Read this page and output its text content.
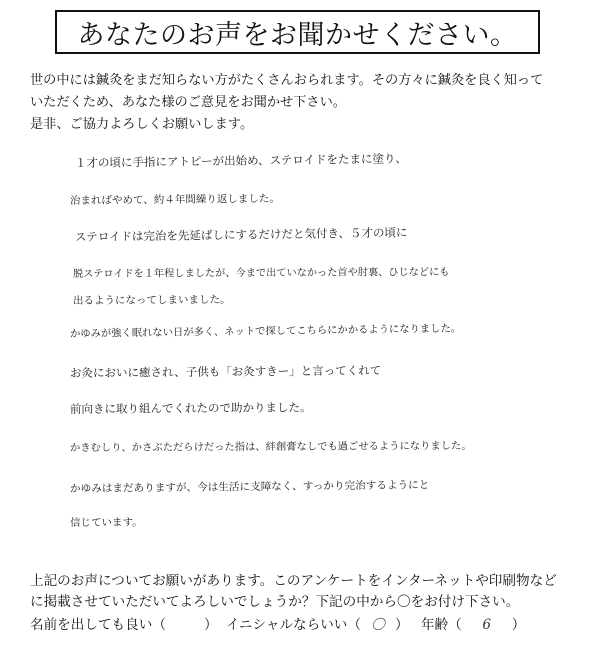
あなたのお声をお聞かせください。
世の中には鍼灸をまだ知らない方がたくさんおられます。その方々に鍼灸を良く知って
いただくため、あなた様のご意見をお聞かせ下さい。
是非、ご協力よろしくお願いします。
１才の頃に手指にアトピーが出始め、ステロイドをたまに塗り、
治まればやめて、約４年間繰り返しました。
ステロイドは完治を先延ばしにするだけだと気付き、５才の頃に
脱ステロイドを１年程しましたが、今まで出ていなかった首や肘裏、ひじなどにも
出るようになってしまいました。
かゆみが強く眠れない日が多く、ネットで探してこちらにかかるようになりました。
お灸においに癒され、子供も「お灸すきー」と言ってくれて
前向きに取り組んでくれたので助かりました。
かきむしり、かさぶただらけだった指は、絆創膏なしでも過ごせるようになりました。
かゆみはまだありますが、今は生活に支障なく、すっかり完治するようにと
信じています。
上記のお声についてお願いがあります。このアンケートをインターネットや印刷物など
に掲載させていただいてよろしいでしょうか？下記の中から〇をお付け下さい。
名前を出しても良い（	） イニシャルならいい（ 〇 ） 年齢（ 6 ）
